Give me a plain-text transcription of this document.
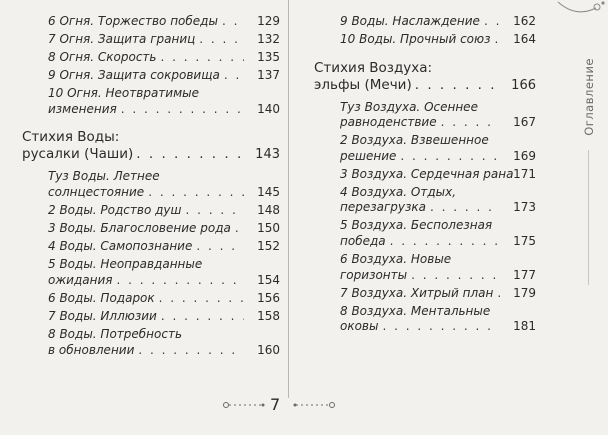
6 Огня. Торжество победы . . .	129
7 Огня. Защита границ . . .	132
8 Огня. Скорость . . .	135
9 Огня. Защита сокровища . . .	137
10 Огня. Неотвратимые
изменения . . .	140
Стихия Воды:
русалки (Чаши) . . .	143
Туз Воды. Летнее
солнцестояние . . .	145
2 Воды. Родство душ . . .	148
3 Воды. Благословение рода . . . 150
4 Воды. Самопознание . . .	152
5 Воды. Неоправданные
ожидания . . .	154
6 Воды. Подарок . . .	156
7 Воды. Иллюзии . . .	158
8 Воды. Потребность
в обновлении . . .	160
9 Воды. Наслаждение . . .	162
10 Воды. Прочный союз . . . 164
Стихия Воздуха:
эльфы (Мечи) . . .	166
Туз Воздуха. Осеннее
равноденствие . . .	167
2 Воздуха. Взвешенное
решение . . .	169
3 Воздуха. Сердечная рана 171
4 Воздуха. Отдых,
перезагрузка . . .	173
5 Воздуха. Бесполезная
победа . . .	175
6 Воздуха. Новые
горизонты . . .	177
7 Воздуха. Хитрый план . . . 179
8 Воздуха. Ментальные
оковы . . .	181
Оглавление
7
